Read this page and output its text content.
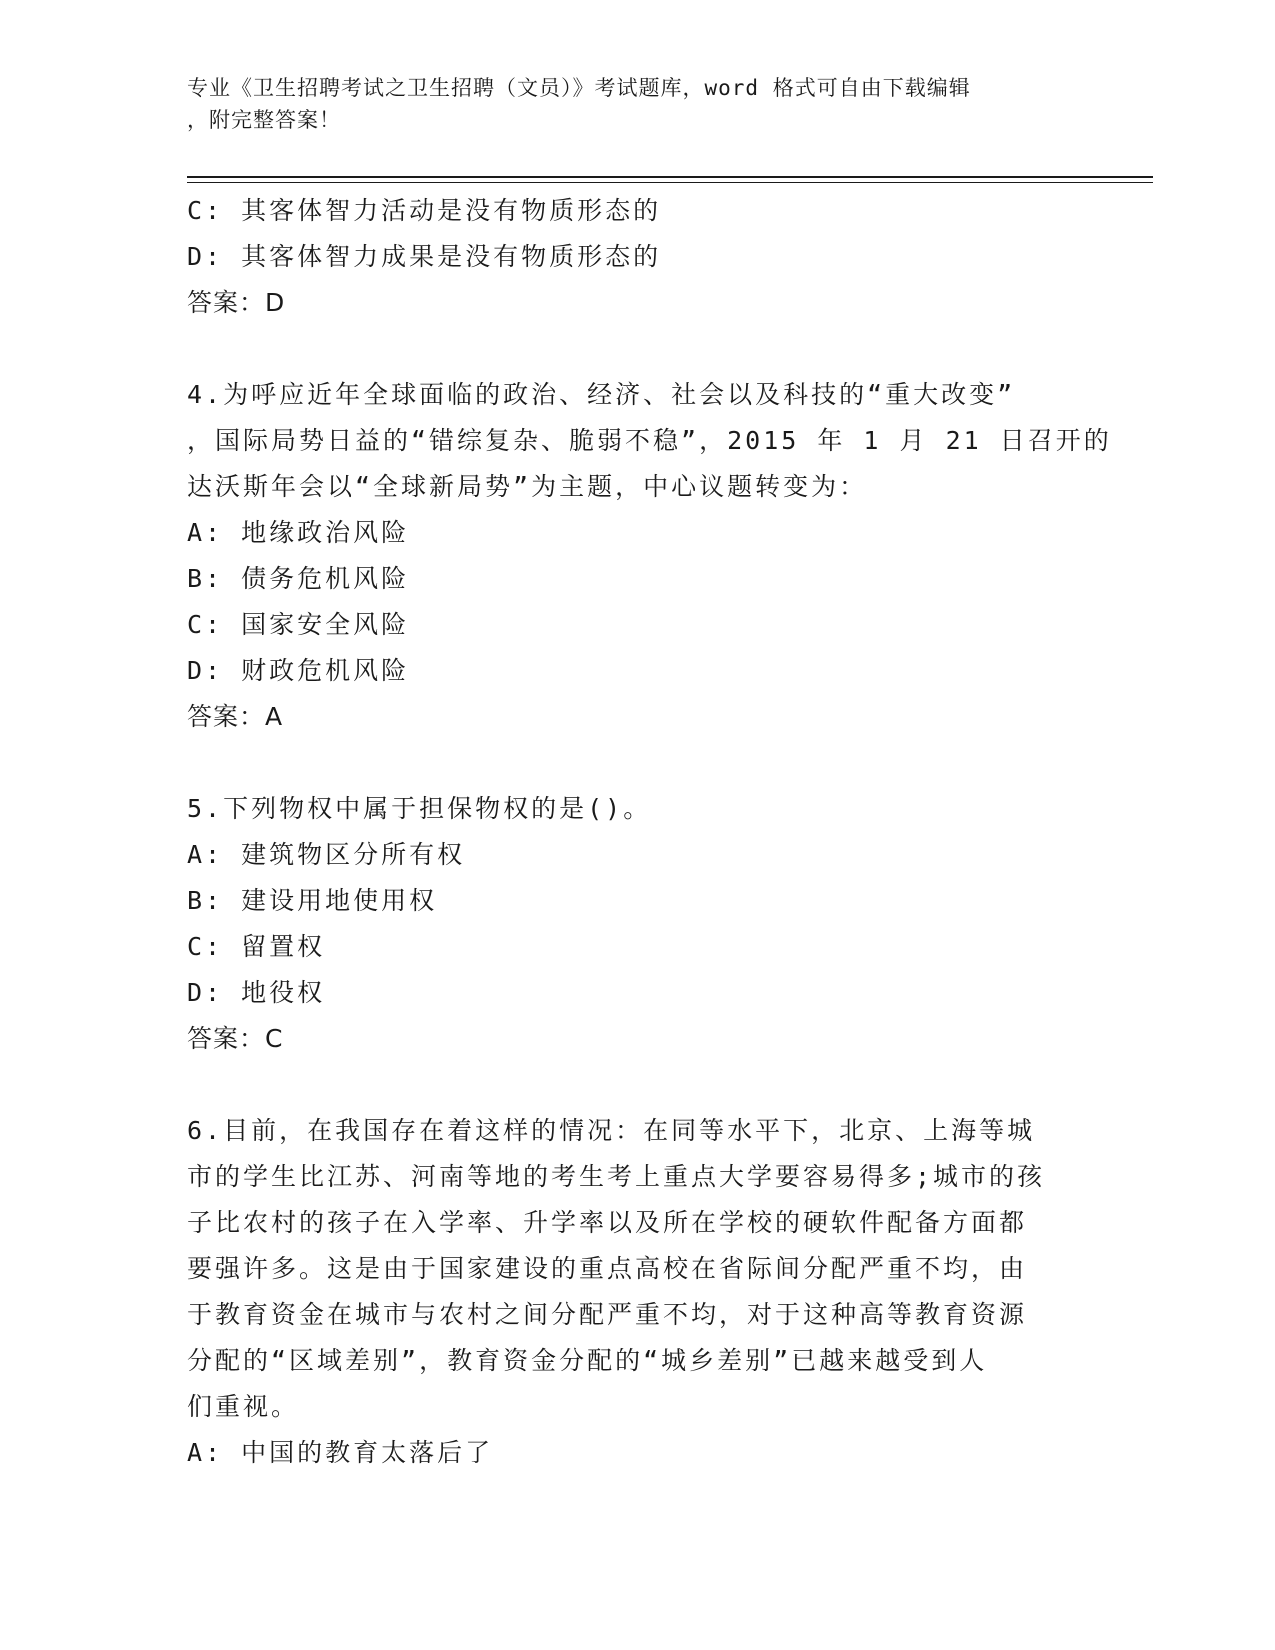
专业《卫生招聘考试之卫生招聘（文员）》考试题库，word 格式可自由下载编辑
，附完整答案！
C: 其客体智力活动是没有物质形态的
D: 其客体智力成果是没有物质形态的
答案：D
4.为呼应近年全球面临的政治、经济、社会以及科技的“重大改变”
，国际局势日益的“错综复杂、脆弱不稳”，2015 年 1 月 21 日召开的
达沃斯年会以“全球新局势”为主题，中心议题转变为：
A: 地缘政治风险
B: 债务危机风险
C: 国家安全风险
D: 财政危机风险
答案：A
5.下列物权中属于担保物权的是()。
A: 建筑物区分所有权
B: 建设用地使用权
C: 留置权
D: 地役权
答案：C
6.目前，在我国存在着这样的情况：在同等水平下，北京、上海等城
市的学生比江苏、河南等地的考生考上重点大学要容易得多;城市的孩
子比农村的孩子在入学率、升学率以及所在学校的硬软件配备方面都
要强许多。这是由于国家建设的重点高校在省际间分配严重不均，由
于教育资金在城市与农村之间分配严重不均，对于这种高等教育资源
分配的“区域差别”，教育资金分配的“城乡差别”已越来越受到人
们重视。
A: 中国的教育太落后了
